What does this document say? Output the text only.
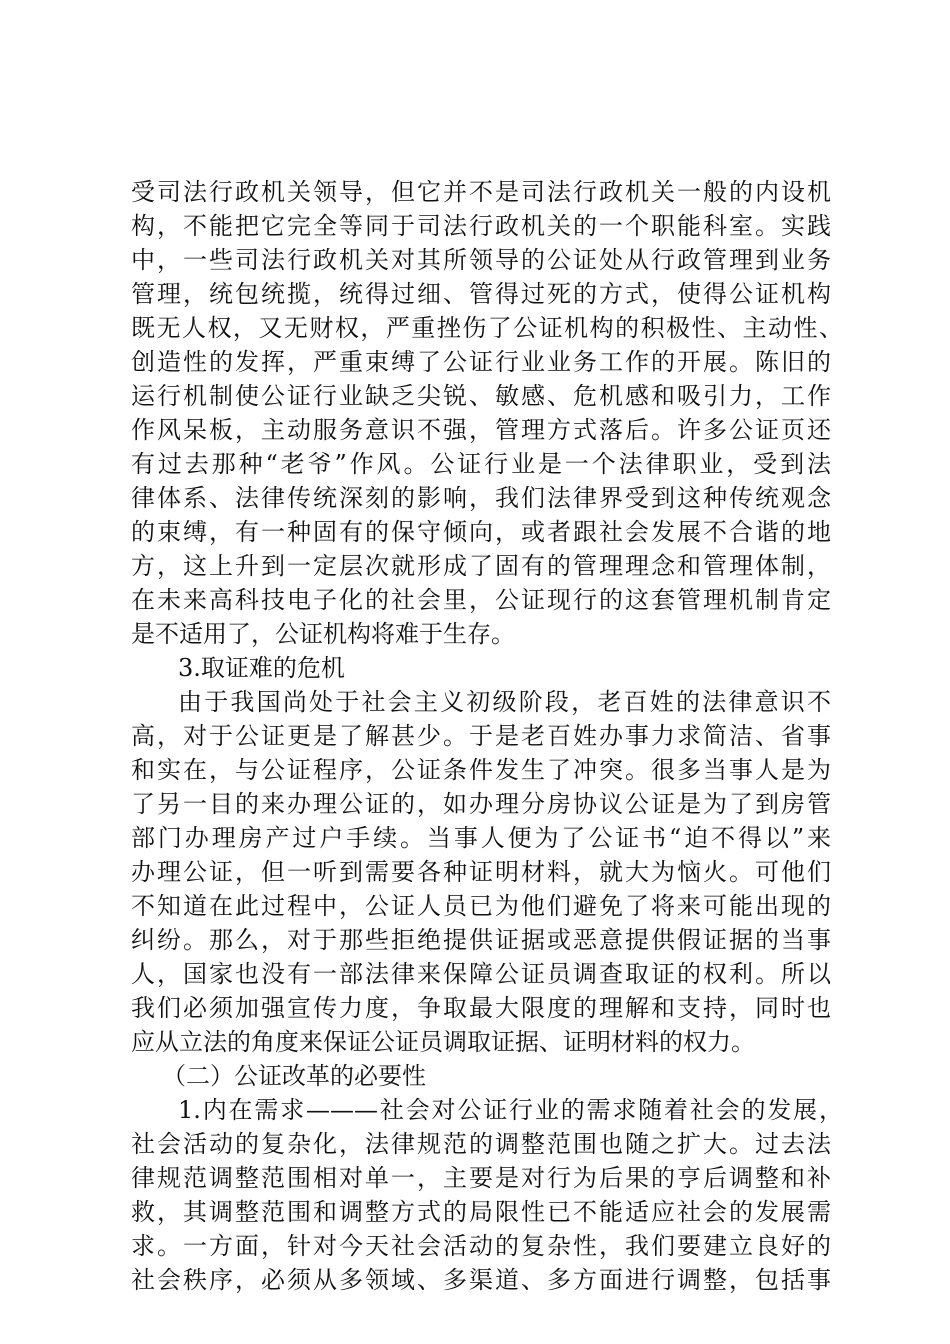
受司法行政机关领导，但它并不是司法行政机关一般的内设机
构，不能把它完全等同于司法行政机关的一个职能科室。实践
中，一些司法行政机关对其所领导的公证处从行政管理到业务
管理，统包统揽，统得过细、管得过死的方式，使得公证机构
既无人权，又无财权，严重挫伤了公证机构的积极性、主动性、
创造性的发挥，严重束缚了公证行业业务工作的开展。陈旧的
运行机制使公证行业缺乏尖锐、敏感、危机感和吸引力，工作
作风呆板，主动服务意识不强，管理方式落后。许多公证页还
有过去那种“老爷”作风。公证行业是一个法律职业，受到法
律体系、法律传统深刻的影响，我们法律界受到这种传统观念
的束缚，有一种固有的保守倾向，或者跟社会发展不合谐的地
方，这上升到一定层次就形成了固有的管理理念和管理体制，
在未来高科技电子化的社会里，公证现行的这套管理机制肯定
是不适用了，公证机构将难于生存。
3.取证难的危机
由于我国尚处于社会主义初级阶段，老百姓的法律意识不
高，对于公证更是了解甚少。于是老百姓办事力求简洁、省事
和实在，与公证程序，公证条件发生了冲突。很多当事人是为
了另一目的来办理公证的，如办理分房协议公证是为了到房管
部门办理房产过户手续。当事人便为了公证书“迫不得以”来
办理公证，但一听到需要各种证明材料，就大为恼火。可他们
不知道在此过程中，公证人员已为他们避免了将来可能出现的
纠纷。那么，对于那些拒绝提供证据或恶意提供假证据的当事
人，国家也没有一部法律来保障公证员调查取证的权利。所以
我们必须加强宣传力度，争取最大限度的理解和支持，同时也
应从立法的角度来保证公证员调取证据、证明材料的权力。
（二）公证改革的必要性
1.内在需求———社会对公证行业的需求随着社会的发展，
社会活动的复杂化，法律规范的调整范围也随之扩大。过去法
律规范调整范围相对单一，主要是对行为后果的亨后调整和补
救，其调整范围和调整方式的局限性已不能适应社会的发展需
求。一方面，针对今天社会活动的复杂性，我们要建立良好的
社会秩序，必须从多领域、多渠道、多方面进行调整，包括事
